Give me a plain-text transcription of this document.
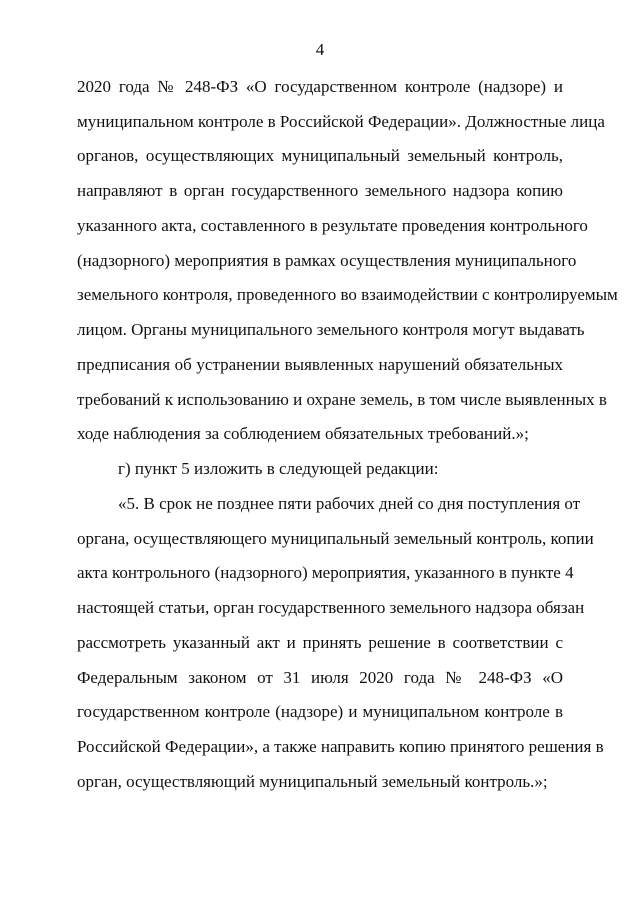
4
2020 года № 248-ФЗ «О государственном контроле (надзоре) и
муниципальном контроле в Российской Федерации». Должностные лица
органов, осуществляющих муниципальный земельный контроль,
направляют в орган государственного земельного надзора копию
указанного акта, составленного в результате проведения контрольного
(надзорного) мероприятия в рамках осуществления муниципального
земельного контроля, проведенного во взаимодействии с контролируемым
лицом. Органы муниципального земельного контроля могут выдавать
предписания об устранении выявленных нарушений обязательных
требований к использованию и охране земель, в том числе выявленных в
ходе наблюдения за соблюдением обязательных требований.»;
г) пункт 5 изложить в следующей редакции:
«5. В срок не позднее пяти рабочих дней со дня поступления от
органа, осуществляющего муниципальный земельный контроль, копии
акта контрольного (надзорного) мероприятия, указанного в пункте 4
настоящей статьи, орган государственного земельного надзора обязан
рассмотреть указанный акт и принять решение в соответствии с
Федеральным законом от 31 июля 2020 года № 248-ФЗ «О
государственном контроле (надзоре) и муниципальном контроле в
Российской Федерации», а также направить копию принятого решения в
орган, осуществляющий муниципальный земельный контроль.»;
